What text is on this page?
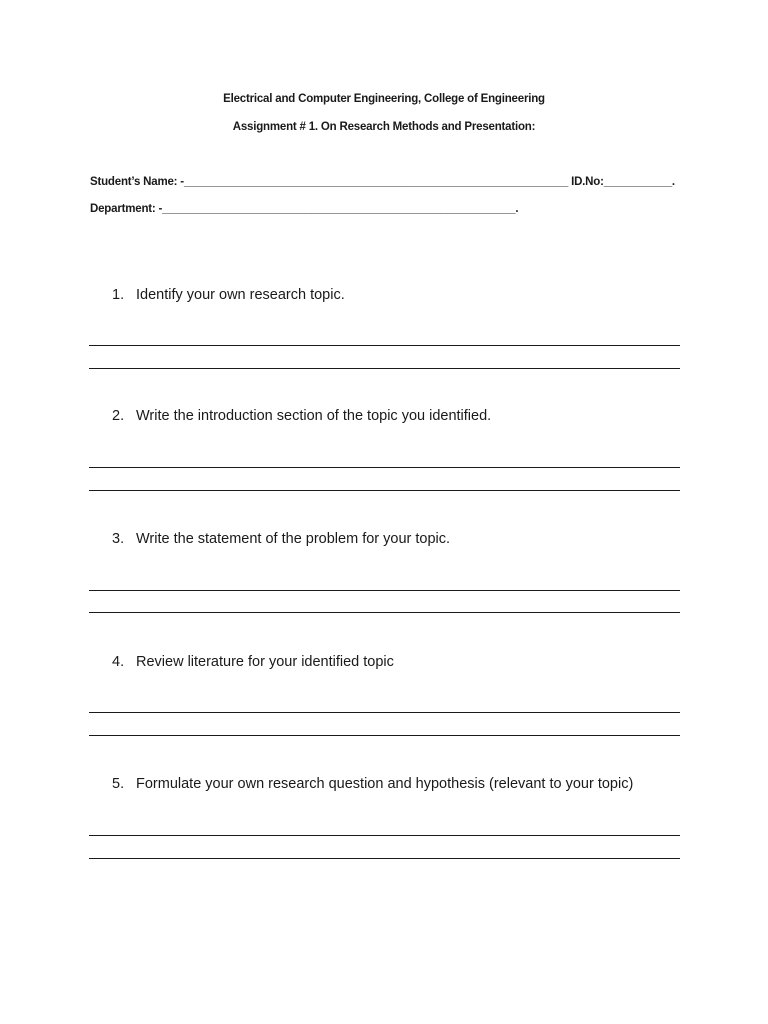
Electrical and Computer Engineering, College of Engineering
Assignment # 1. On Research Methods and Presentation:
Student’s Name: -______________________________________________________________ ID.No:___________.
Department: -_________________________________________________________.
1. Identify your own research topic.
2. Write the introduction section of the topic you identified.
3. Write the statement of the problem for your topic.
4. Review literature for your identified topic
5. Formulate your own research question and hypothesis (relevant to your topic)
